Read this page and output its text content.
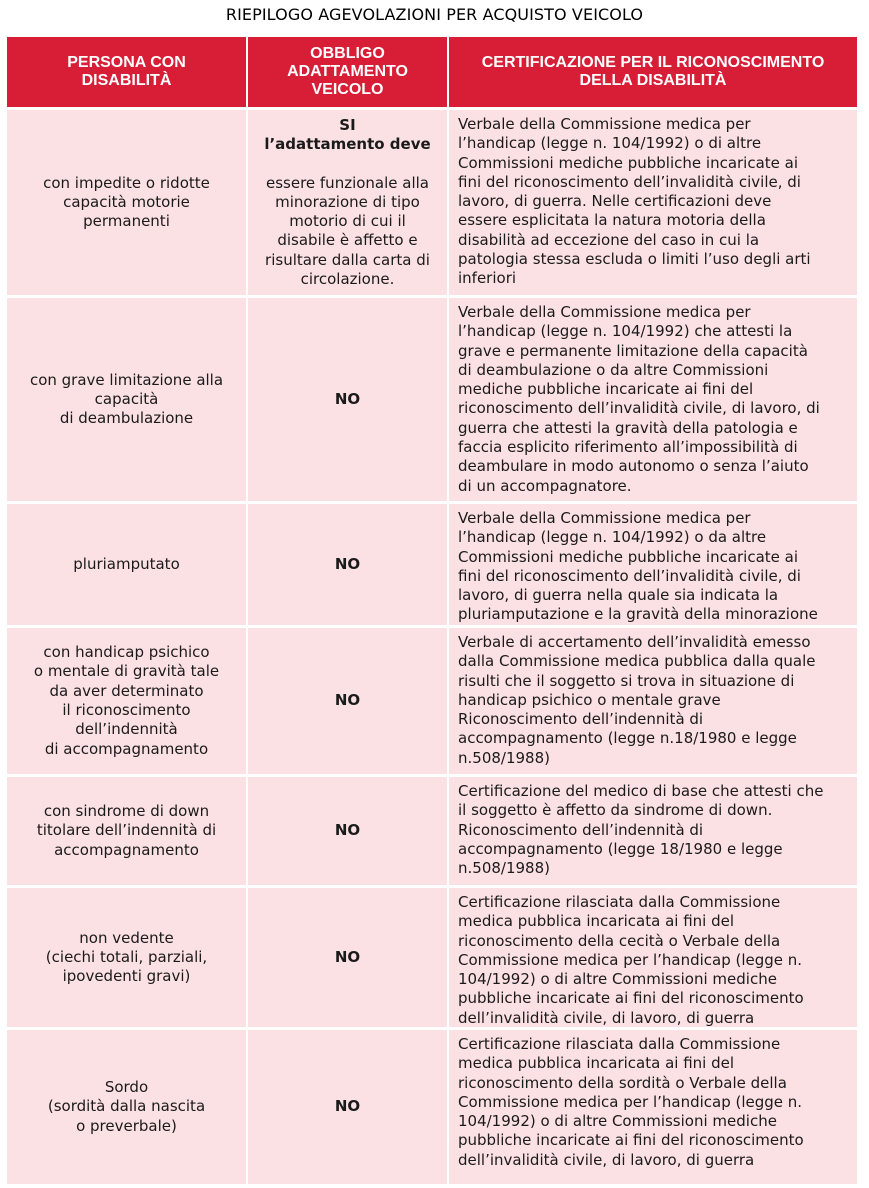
RIEPILOGO AGEVOLAZIONI PER ACQUISTO VEICOLO
PERSONA CON
DISABILITÀ
OBBLIGO
ADATTAMENTO
VEICOLO
CERTIFICAZIONE PER IL RICONOSCIMENTO
DELLA DISABILITÀ
con impedite o ridotte
capacità motorie
permanenti

SI
l’adattamento deve

essere funzionale alla
minorazione di tipo
motorio di cui il
disabile è affetto e
risultare dalla carta di
circolazione.

Verbale della Commissione medica per
l’handicap (legge n. 104/1992) o di altre
Commissioni mediche pubbliche incaricate ai
fini del riconoscimento dell’invalidità civile, di
lavoro, di guerra. Nelle certificazioni deve
essere esplicitata la natura motoria della
disabilità ad eccezione del caso in cui la
patologia stessa escluda o limiti l’uso degli arti
inferiori
con grave limitazione alla
capacità
di deambulazione
NO
Verbale della Commissione medica per
l’handicap (legge n. 104/1992) che attesti la
grave e permanente limitazione della capacità
di deambulazione o da altre Commissioni
mediche pubbliche incaricate ai fini del
riconoscimento dell’invalidità civile, di lavoro, di
guerra che attesti la gravità della patologia e
faccia esplicito riferimento all’impossibilità di
deambulare in modo autonomo o senza l’aiuto
di un accompagnatore.
pluriamputato	NO
Verbale della Commissione medica per
l’handicap (legge n. 104/1992) o da altre
Commissioni mediche pubbliche incaricate ai
fini del riconoscimento dell’invalidità civile, di
lavoro, di guerra nella quale sia indicata la
pluriamputazione e la gravità della minorazione
con handicap psichico
o mentale di gravità tale
da aver determinato
il riconoscimento
dell’indennità
di accompagnamento
NO
Verbale di accertamento dell’invalidità emesso
dalla Commissione medica pubblica dalla quale
risulti che il soggetto si trova in situazione di
handicap psichico o mentale grave
Riconoscimento dell’indennità di
accompagnamento (legge n.18/1980 e legge
n.508/1988)
con sindrome di down
titolare dell’indennità di
accompagnamento
NO
Certificazione del medico di base che attesti che
il soggetto è affetto da sindrome di down.
Riconoscimento dell’indennità di
accompagnamento (legge 18/1980 e legge
n.508/1988)
non vedente
(ciechi totali, parziali,
ipovedenti gravi)
NO
Certificazione rilasciata dalla Commissione
medica pubblica incaricata ai fini del
riconoscimento della cecità o Verbale della
Commissione medica per l’handicap (legge n.
104/1992) o di altre Commissioni mediche
pubbliche incaricate ai fini del riconoscimento
dell’invalidità civile, di lavoro, di guerra
Sordo
(sordità dalla nascita
o preverbale)
NO
Certificazione rilasciata dalla Commissione
medica pubblica incaricata ai fini del
riconoscimento della sordità o Verbale della
Commissione medica per l’handicap (legge n.
104/1992) o di altre Commissioni mediche
pubbliche incaricate ai fini del riconoscimento
dell’invalidità civile, di lavoro, di guerra
